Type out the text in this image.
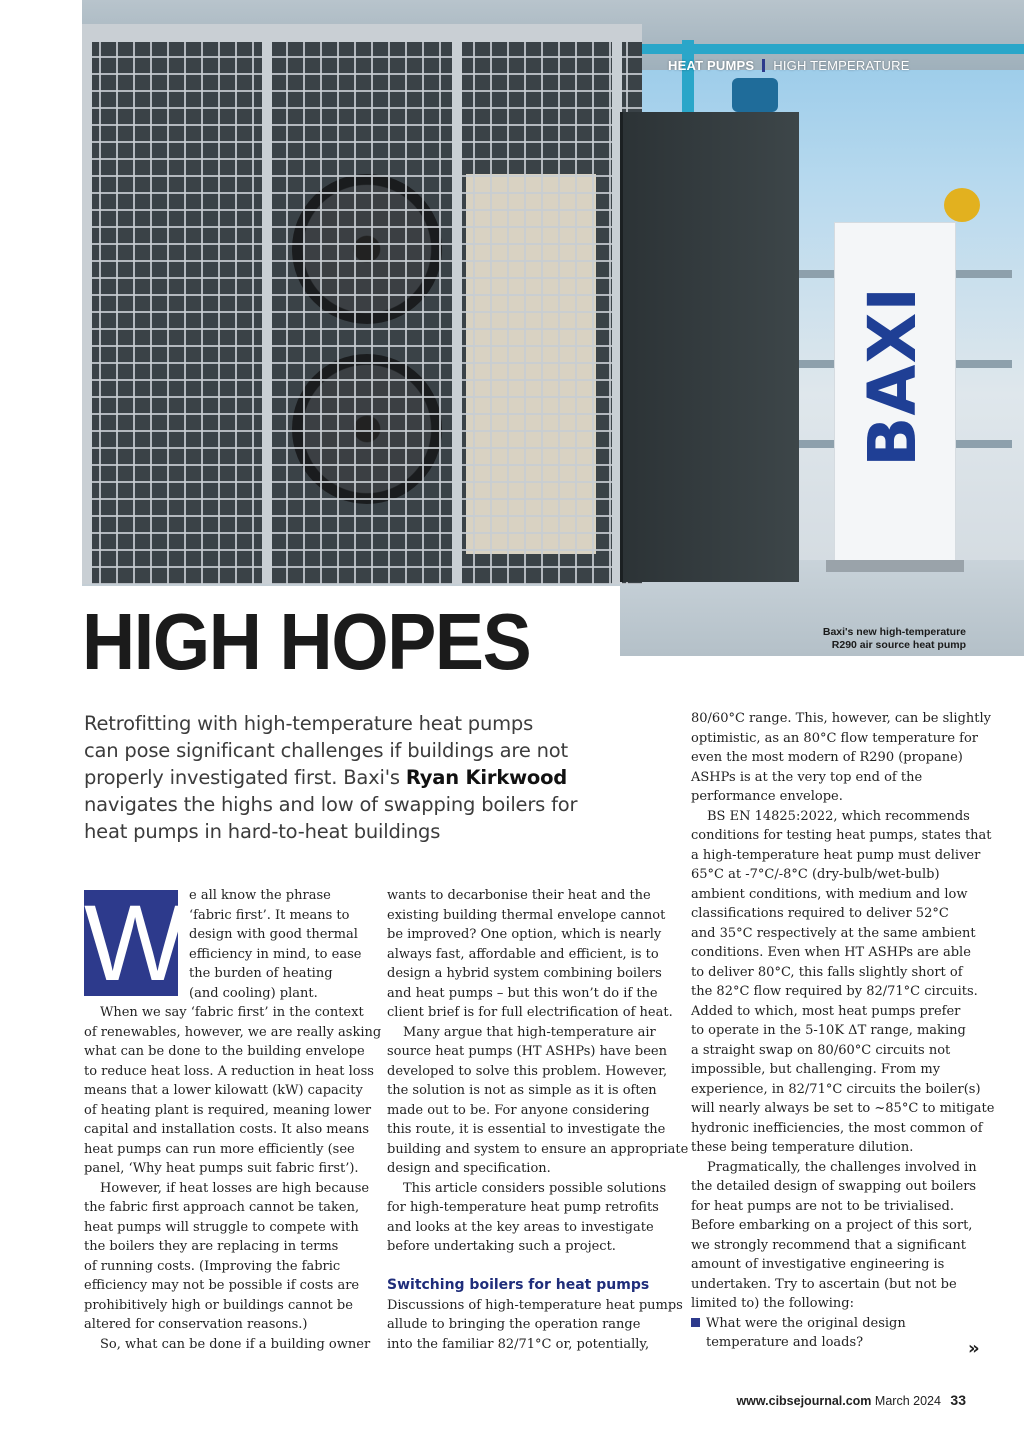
BAXI
HEAT PUMPS HIGH TEMPERATURE
HIGH HOPES	Baxi's new high-temperature
R290 air source heat pump

Retrofitting with high-temperature heat pumps
can pose significant challenges if buildings are not
properly investigated first. Baxi's Ryan Kirkwood
navigates the highs and low of swapping boilers for
heat pumps in hard-to-heat buildings

W e all know the phrase
‘fabric first’. It means to
design with good thermal
efficiency in mind, to ease
the burden of heating
(and cooling) plant.
When we say ‘fabric first’ in the context
of renewables, however, we are really asking
what can be done to the building envelope
to reduce heat loss. A reduction in heat loss
means that a lower kilowatt (kW) capacity
of heating plant is required, meaning lower
capital and installation costs. It also means
heat pumps can run more efficiently (see
panel, ‘Why heat pumps suit fabric first’).
However, if heat losses are high because
the fabric first approach cannot be taken,
heat pumps will struggle to compete with
the boilers they are replacing in terms
of running costs. (Improving the fabric
efficiency may not be possible if costs are
prohibitively high or buildings cannot be
altered for conservation reasons.)
So, what can be done if a building owner
wants to decarbonise their heat and the
existing building thermal envelope cannot
be improved? One option, which is nearly
always fast, affordable and efficient, is to
design a hybrid system combining boilers
and heat pumps – but this won’t do if the
client brief is for full electrification of heat.
Many argue that high-temperature air
source heat pumps (HT ASHPs) have been
developed to solve this problem. However,
the solution is not as simple as it is often
made out to be. For anyone considering
this route, it is essential to investigate the
building and system to ensure an appropriate
design and specification.
This article considers possible solutions
for high-temperature heat pump retrofits
and looks at the key areas to investigate
before undertaking such a project.
Switching boilers for heat pumps
Discussions of high-temperature heat pumps
allude to bringing the operation range
into the familiar 82/71°C or, potentially,
80/60°C range. This, however, can be slightly
optimistic, as an 80°C flow temperature for
even the most modern of R290 (propane)
ASHPs is at the very top end of the
performance envelope.
BS EN 14825:2022, which recommends
conditions for testing heat pumps, states that
a high-temperature heat pump must deliver
65°C at -7°C/-8°C (dry-bulb/wet-bulb)
ambient conditions, with medium and low
classifications required to deliver 52°C
and 35°C respectively at the same ambient
conditions. Even when HT ASHPs are able
to deliver 80°C, this falls slightly short of
the 82°C flow required by 82/71°C circuits.
Added to which, most heat pumps prefer
to operate in the 5-10K ΔT range, making
a straight swap on 80/60°C circuits not
impossible, but challenging. From my
experience, in 82/71°C circuits the boiler(s)
will nearly always be set to ~85°C to mitigate
hydronic inefficiencies, the most common of
these being temperature dilution.
Pragmatically, the challenges involved in
the detailed design of swapping out boilers
for heat pumps are not to be trivialised.
Before embarking on a project of this sort,
we strongly recommend that a significant
amount of investigative engineering is
undertaken. Try to ascertain (but not be
limited to) the following:
What were the original design
temperature and loads?	»
www.cibsejournal.com March 2024 33
